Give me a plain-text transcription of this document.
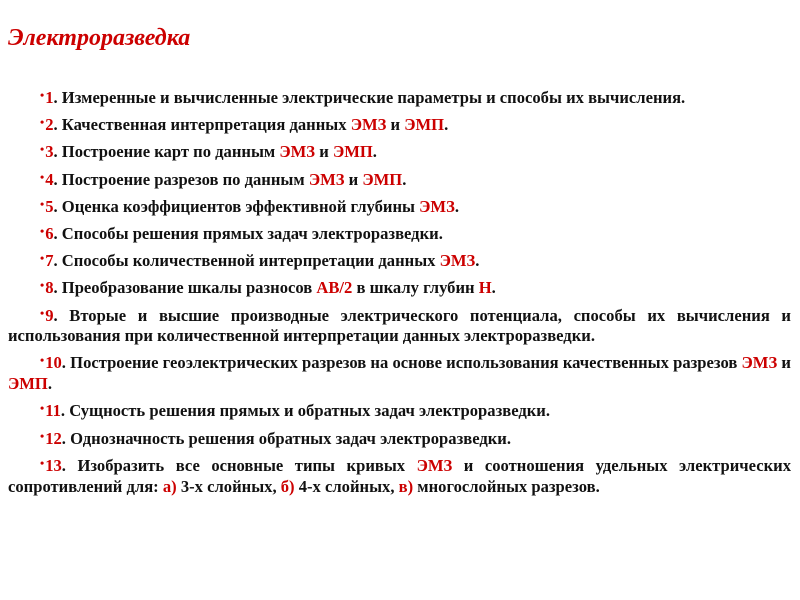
Электроразведка
•1. Измеренные и вычисленные электрические параметры и способы их вычисления.
•2. Качественная интерпретация данных ЭМЗ и ЭМП.
•3. Построение карт по данным ЭМЗ и ЭМП.
•4. Построение разрезов по данным ЭМЗ и ЭМП.
•5. Оценка коэффициентов эффективной глубины ЭМЗ.
•6. Способы решения прямых задач электроразведки.
•7. Способы количественной интерпретации данных ЭМЗ.
•8. Преобразование шкалы разносов АВ/2 в шкалу глубин Н.
•9. Вторые и высшие производные электрического потенциала, способы их вычисления и использования при количественной интерпретации данных электроразведки.
•10. Построение геоэлектрических разрезов на основе использования качественных разрезов ЭМЗ и ЭМП.
•11. Сущность решения прямых и обратных задач электроразведки.
•12. Однозначность решения обратных задач электроразведки.
•13. Изобразить все основные типы кривых ЭМЗ и соотношения удельных электрических сопротивлений для: а) 3-х слойных, б) 4-х слойных, в) многослойных разрезов.
